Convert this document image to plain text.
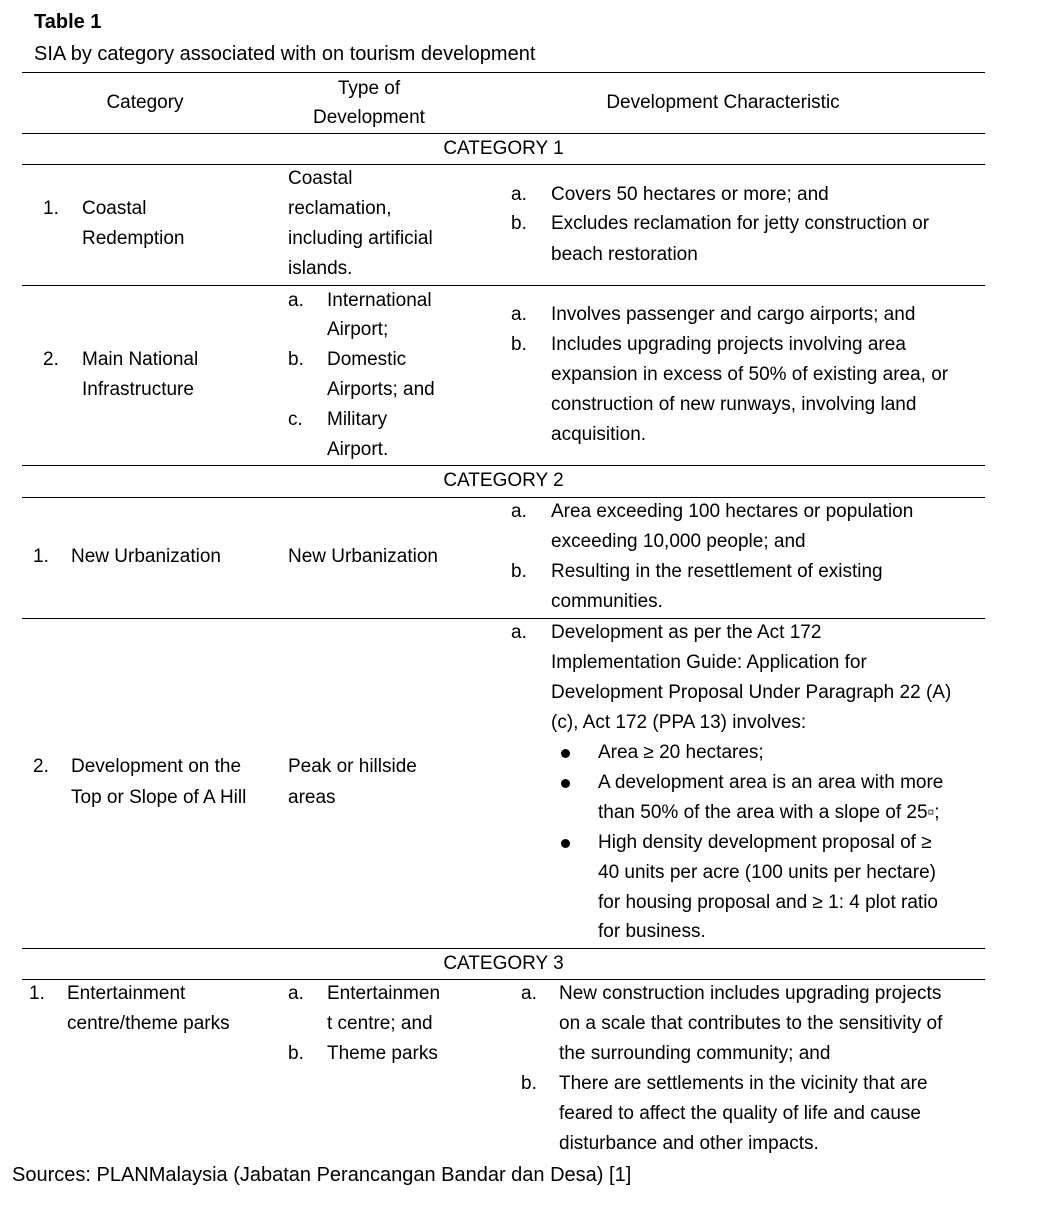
Table 1
SIA by category associated with on tourism development
Category
Type of
Development
Development Characteristic
CATEGORY 1
CATEGORY 2
CATEGORY 3
1. Coastal
Redemption
Coastal
reclamation,
including artificial
islands.
a.
b.
Covers 50 hectares or more; and
Excludes reclamation for jetty construction or
beach restoration
2. Main National
Infrastructure
a. International
Airport;
b. Domestic
Airports; and
c. Military
Airport.
a.
b.
Involves passenger and cargo airports; and
Includes upgrading projects involving area
expansion in excess of 50% of existing area, or
construction of new runways, involving land
acquisition.
1. New Urbanization	New Urbanization
a.
b.
Area exceeding 100 hectares or population
exceeding 10,000 people; and
Resulting in the resettlement of existing
communities.
2. Development on the
Top or Slope of A Hill
Peak or hillside
areas
a. Development as per the Act 172
Implementation Guide: Application for
Development Proposal Under Paragraph 22 (A)
(c), Act 172 (PPA 13) involves:
Area ≥ 20 hectares;
A development area is an area with more
than 50% of the area with a slope of 25▫;
High density development proposal of ≥
40 units per acre (100 units per hectare)
for housing proposal and ≥ 1: 4 plot ratio
for business.
1. Entertainment
centre/theme parks
a. Entertainmen
t centre; and
b. Theme parks
a. New construction includes upgrading projects
on a scale that contributes to the sensitivity of
the surrounding community; and
b. There are settlements in the vicinity that are
feared to affect the quality of life and cause
disturbance and other impacts.
Sources: PLANMalaysia (Jabatan Perancangan Bandar dan Desa) [1]
